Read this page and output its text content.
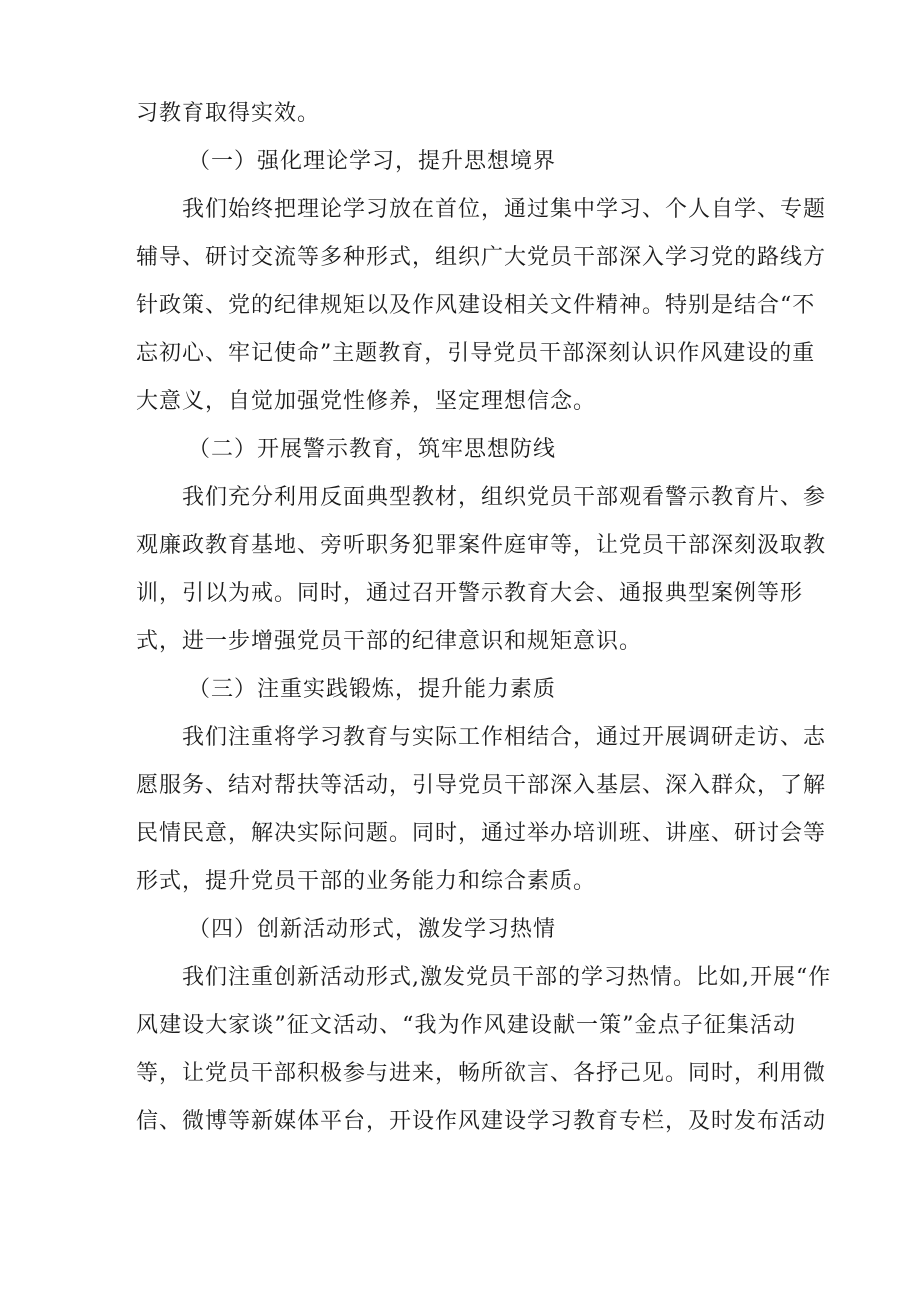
习教育取得实效。
（一）强化理论学习，提升思想境界
我们始终把理论学习放在首位，通过集中学习、个人自学、专题
辅导、研讨交流等多种形式，组织广大党员干部深入学习党的路线方
针政策、党的纪律规矩以及作风建设相关文件精神。特别是结合“不
忘初心、牢记使命”主题教育，引导党员干部深刻认识作风建设的重
大意义，自觉加强党性修养，坚定理想信念。
（二）开展警示教育，筑牢思想防线
我们充分利用反面典型教材，组织党员干部观看警示教育片、参
观廉政教育基地、旁听职务犯罪案件庭审等，让党员干部深刻汲取教
训，引以为戒。同时，通过召开警示教育大会、通报典型案例等形
式，进一步增强党员干部的纪律意识和规矩意识。
（三）注重实践锻炼，提升能力素质
我们注重将学习教育与实际工作相结合，通过开展调研走访、志
愿服务、结对帮扶等活动，引导党员干部深入基层、深入群众，了解
民情民意，解决实际问题。同时，通过举办培训班、讲座、研讨会等
形式，提升党员干部的业务能力和综合素质。
（四）创新活动形式，激发学习热情
我们注重创新活动形式,激发党员干部的学习热情。比如,开展“作
风建设大家谈”征文活动、“我为作风建设献一策”金点子征集活动
等，让党员干部积极参与进来，畅所欲言、各抒己见。同时，利用微
信、微博等新媒体平台，开设作风建设学习教育专栏，及时发布活动
